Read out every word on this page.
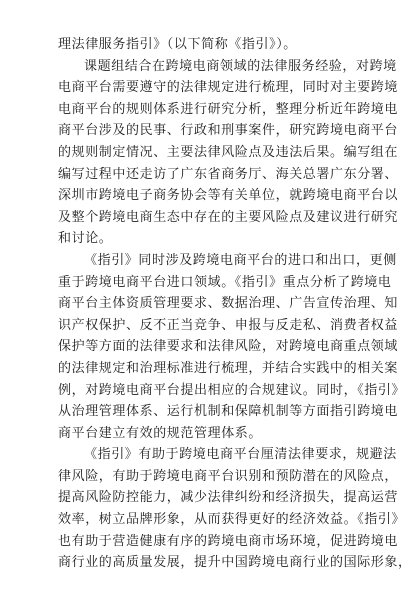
理法律服务指引》（以下简称《指引》）。
课题组结合在跨境电商领域的法律服务经验，对跨境
电商平台需要遵守的法律规定进行梳理，同时对主要跨境
电商平台的规则体系进行研究分析，整理分析近年跨境电
商平台涉及的民事、行政和刑事案件，研究跨境电商平台
的规则制定情况、主要法律风险点及违法后果。编写组在
编写过程中还走访了广东省商务厅、海关总署广东分署、
深圳市跨境电子商务协会等有关单位，就跨境电商平台以
及整个跨境电商生态中存在的主要风险点及建议进行研究
和讨论。
《指引》同时涉及跨境电商平台的进口和出口，更侧
重于跨境电商平台进口领域。《指引》重点分析了跨境电
商平台主体资质管理要求、数据治理、广告宣传治理、知
识产权保护、反不正当竞争、申报与反走私、消费者权益
保护等方面的法律要求和法律风险，对跨境电商重点领域
的法律规定和治理标准进行梳理，并结合实践中的相关案
例，对跨境电商平台提出相应的合规建议。同时，《指引》
从治理管理体系、运行机制和保障机制等方面指引跨境电
商平台建立有效的规范管理体系。
《指引》有助于跨境电商平台厘清法律要求，规避法
律风险，有助于跨境电商平台识别和预防潜在的风险点，
提高风险防控能力，减少法律纠纷和经济损失，提高运营
效率，树立品牌形象，从而获得更好的经济效益。《指引》
也有助于营造健康有序的跨境电商市场环境，促进跨境电
商行业的高质量发展，提升中国跨境电商行业的国际形象，
